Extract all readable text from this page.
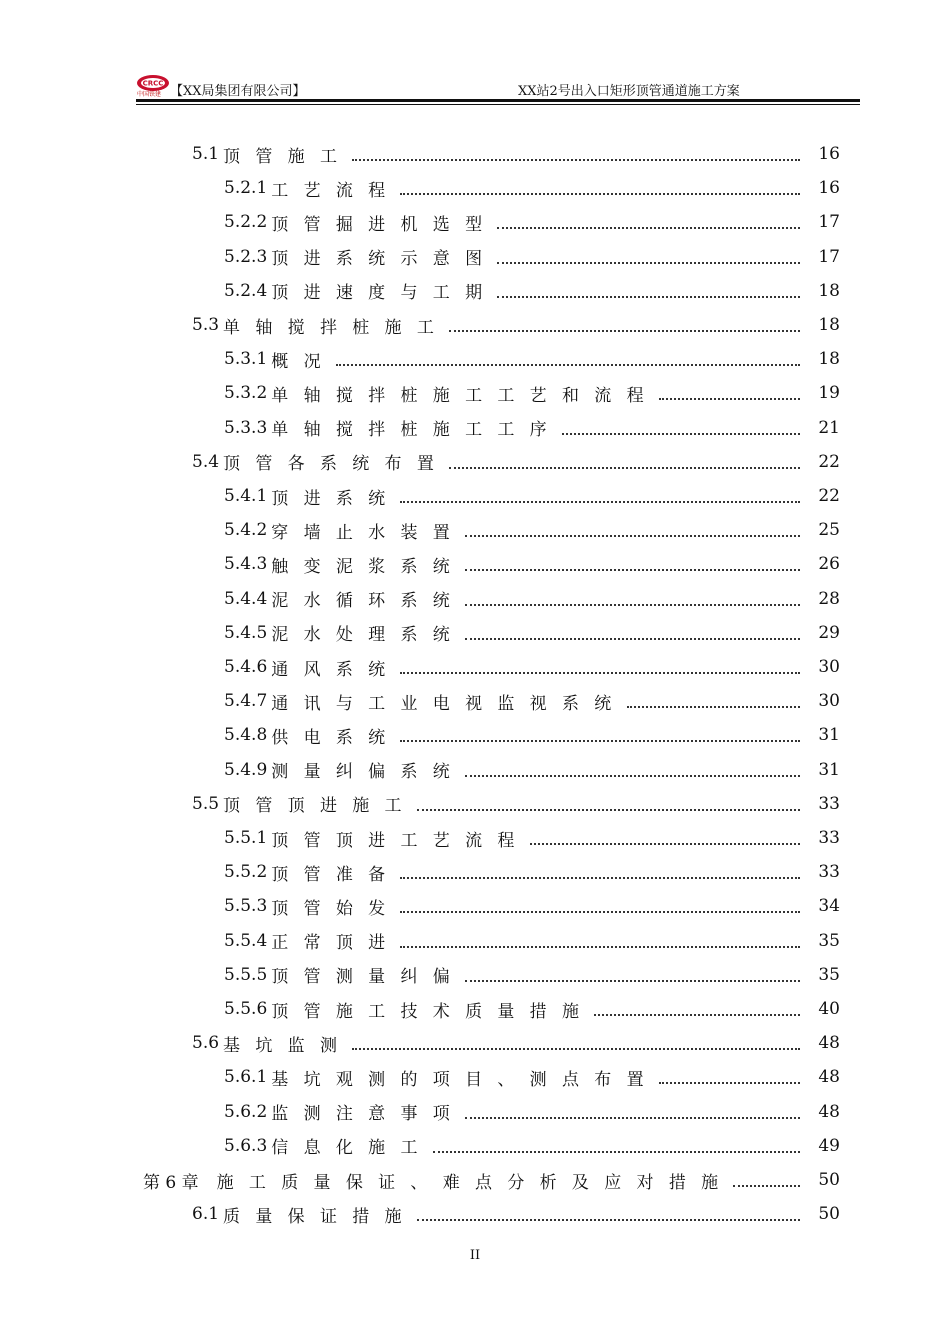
CRCC
中国铁建 【XX局集团有限公司】	XX站2号出入口矩形顶管通道施工方案
5.1 顶管施工	16
5.2.1 工艺流程	16
5.2.2 顶管掘进机选型	17
5.2.3 顶进系统示意图	17
5.2.4 顶进速度与工期	18
5.3 单轴搅拌桩施工	18
5.3.1 概况	18
5.3.2 单轴搅拌桩施工工艺和流程	19
5.3.3 单轴搅拌桩施工工序	21
5.4 顶管各系统布置	22
5.4.1 顶进系统	22
5.4.2 穿墙止水装置	25
5.4.3 触变泥浆系统	26
5.4.4 泥水循环系统	28
5.4.5 泥水处理系统	29
5.4.6 通风系统	30
5.4.7 通讯与工业电视监视系统	30
5.4.8 供电系统	31
5.4.9 测量纠偏系统	31
5.5 顶管顶进施工	33
5.5.1 顶管顶进工艺流程	33
5.5.2 顶管准备	33
5.5.3 顶管始发	34
5.5.4 正常顶进	35
5.5.5 顶管测量纠偏	35
5.5.6 顶管施工技术质量措施	40
5.6 基坑监测	48
5.6.1 基坑观测的项目、测点布置	48
5.6.2 监测注意事项	48
5.6.3 信息化施工	49
第 6 章 施工质量保证、难点分析及应对措施	50
6.1 质量保证措施	50
II
